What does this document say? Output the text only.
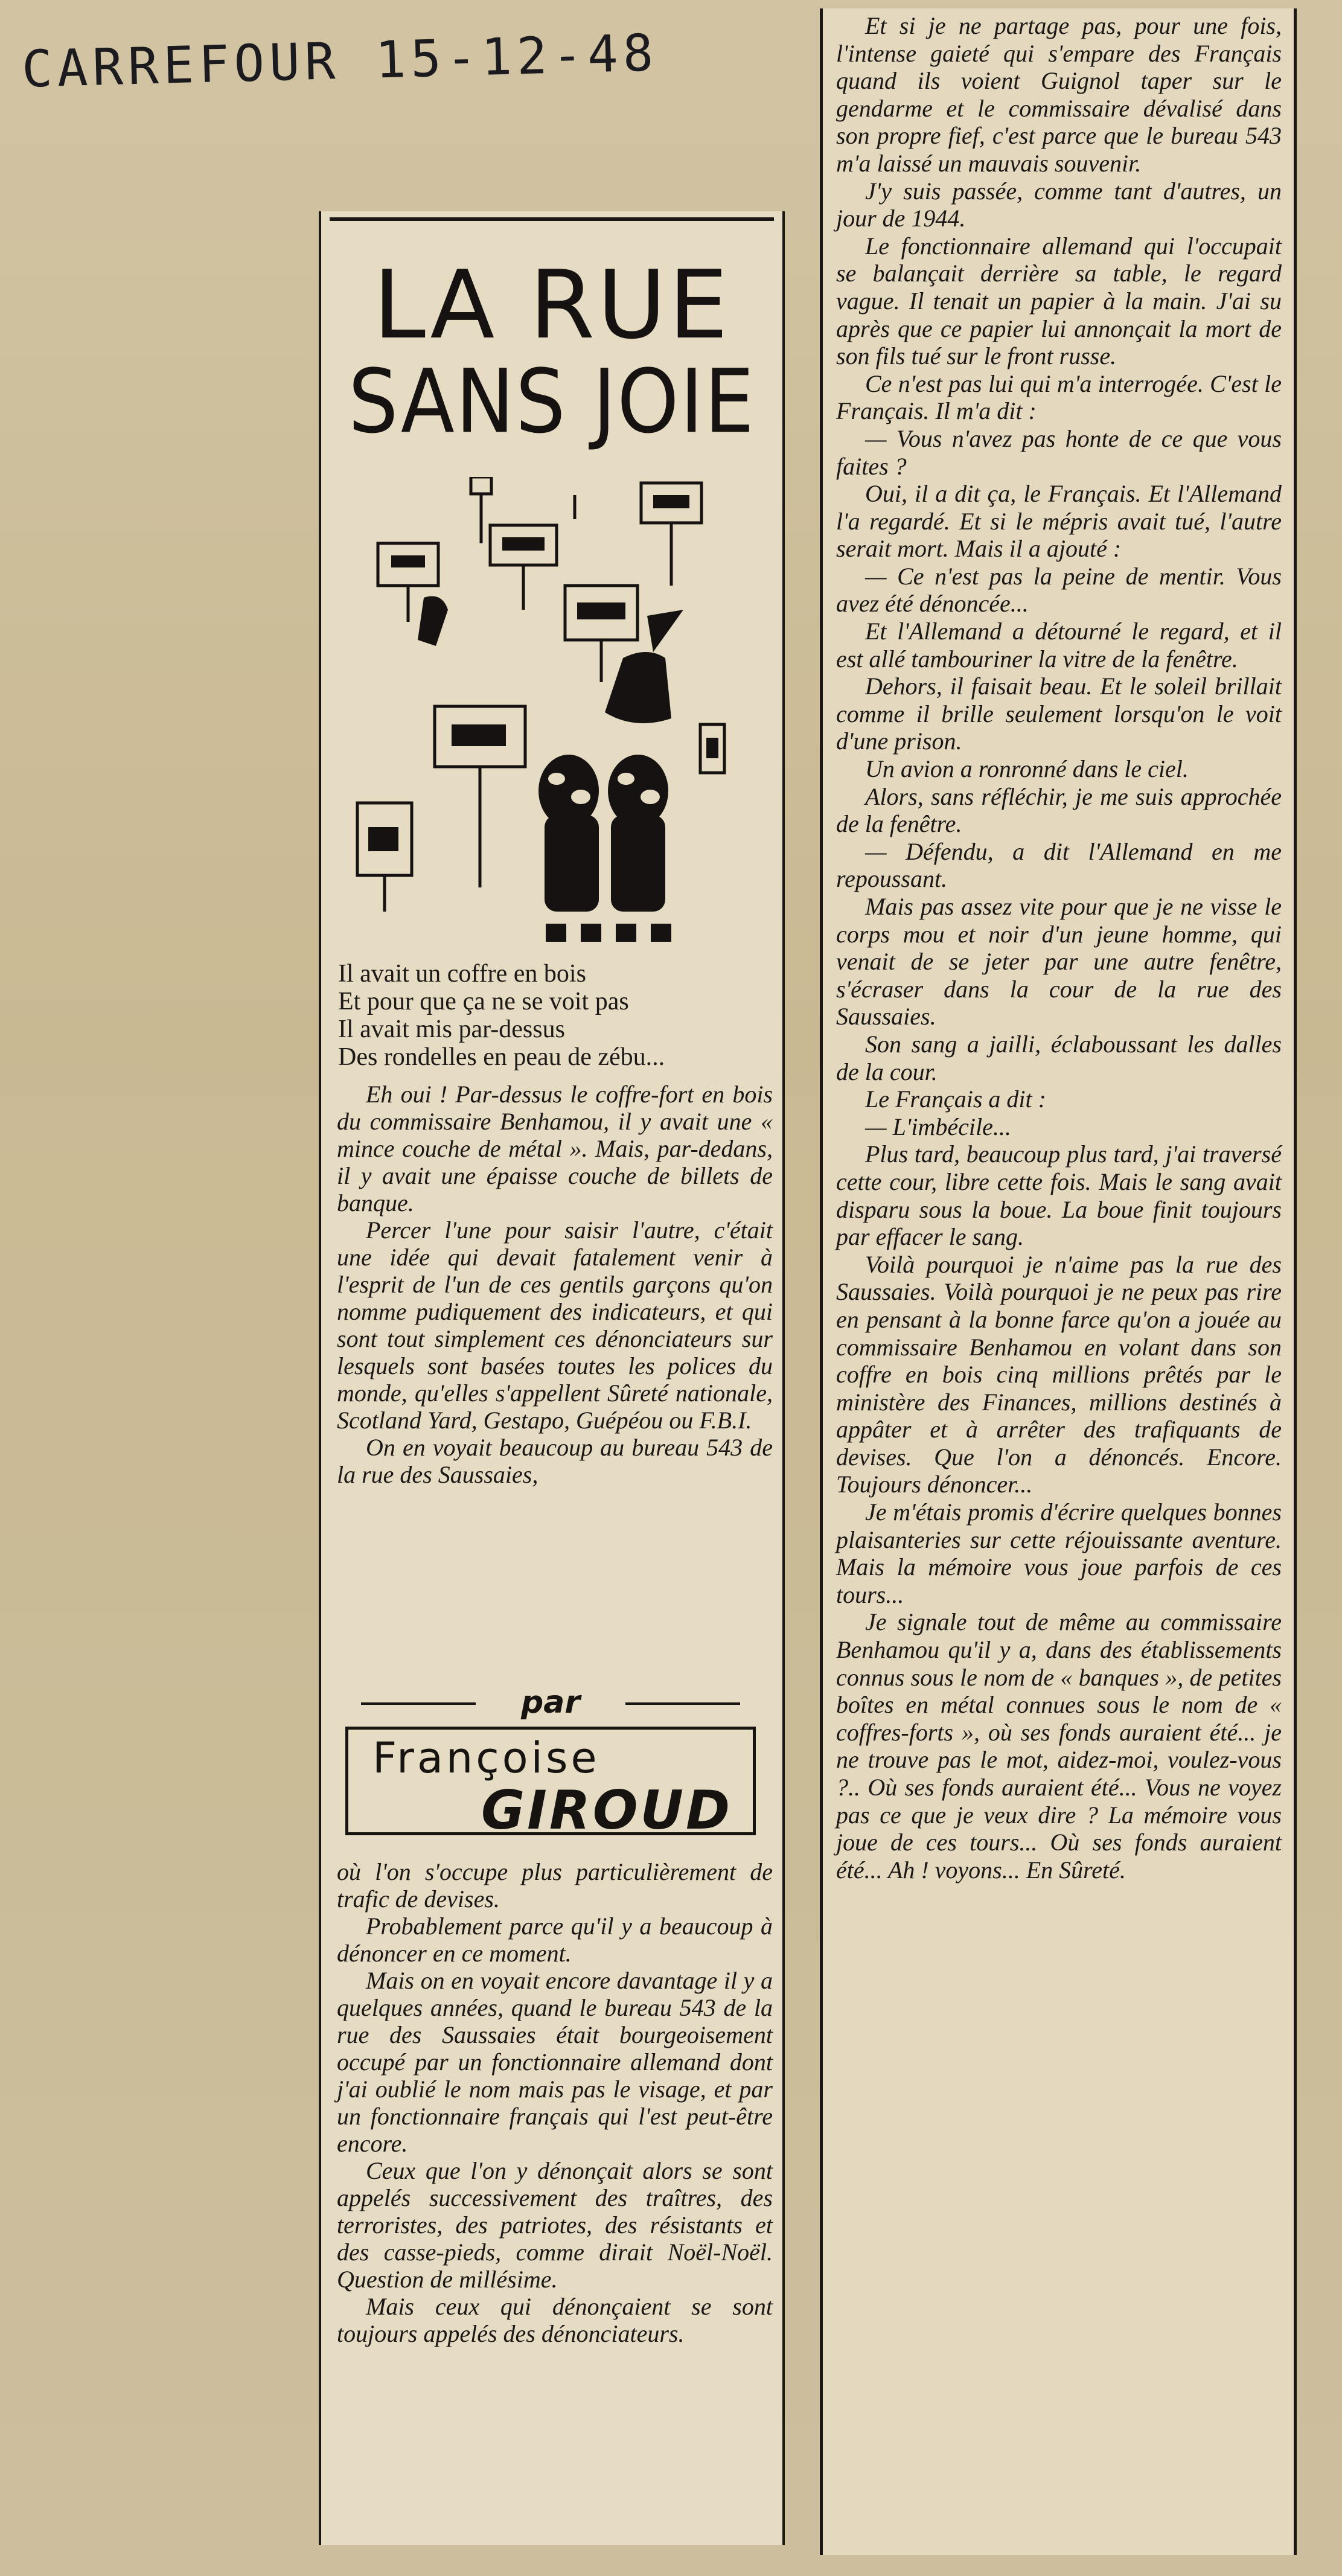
CARREFOUR 15-12-48
LA RUE
SANS JOIE
Il avait un coffre en bois
Et pour que ça ne se voit pas
Il avait mis par-dessus
Des rondelles en peau de zébu...

Eh oui ! Par-dessus le coffre-fort en bois du commissaire Benhamou, il y avait une « mince couche de métal ». Mais, par-dedans, il y avait une épaisse couche de billets de banque.

Percer l'une pour saisir l'autre, c'était une idée qui devait fatalement venir à l'esprit de l'un de ces gentils garçons qu'on nomme pudiquement des indicateurs, et qui sont tout simplement ces dénonciateurs sur lesquels sont basées toutes les polices du monde, qu'elles s'appellent Sûreté nationale, Scotland Yard, Gestapo, Guépéou ou F.B.I.

On en voyait beaucoup au bureau 543 de la rue des Saussaies,

par
Françoise
GIROUD

où l'on s'occupe plus particulièrement de trafic de devises.

Probablement parce qu'il y a beaucoup à dénoncer en ce moment.

Mais on en voyait encore davantage il y a quelques années, quand le bureau 543 de la rue des Saussaies était bourgeoisement occupé par un fonctionnaire allemand dont j'ai oublié le nom mais pas le visage, et par un fonctionnaire français qui l'est peut-être encore.

Ceux que l'on y dénonçait alors se sont appelés successivement des traîtres, des terroristes, des patriotes, des résistants et des casse-pieds, comme dirait Noël-Noël. Question de millésime.

Mais ceux qui dénonçaient se sont toujours appelés des dénonciateurs.

Et si je ne partage pas, pour une fois, l'intense gaieté qui s'empare des Français quand ils voient Guignol taper sur le gendarme et le commissaire dévalisé dans son propre fief, c'est parce que le bureau 543 m'a laissé un mauvais souvenir.

J'y suis passée, comme tant d'autres, un jour de 1944.

Le fonctionnaire allemand qui l'occupait se balançait derrière sa table, le regard vague. Il tenait un papier à la main. J'ai su après que ce papier lui annonçait la mort de son fils tué sur le front russe.

Ce n'est pas lui qui m'a interrogée. C'est le Français. Il m'a dit :

— Vous n'avez pas honte de ce que vous faites ?

Oui, il a dit ça, le Français. Et l'Allemand l'a regardé. Et si le mépris avait tué, l'autre serait mort. Mais il a ajouté :

— Ce n'est pas la peine de mentir. Vous avez été dénoncée...

Et l'Allemand a détourné le regard, et il est allé tambouriner la vitre de la fenêtre.

Dehors, il faisait beau. Et le soleil brillait comme il brille seulement lorsqu'on le voit d'une prison.

Un avion a ronronné dans le ciel.

Alors, sans réfléchir, je me suis approchée de la fenêtre.

— Défendu, a dit l'Allemand en me repoussant.

Mais pas assez vite pour que je ne visse le corps mou et noir d'un jeune homme, qui venait de se jeter par une autre fenêtre, s'écraser dans la cour de la rue des Saussaies.

Son sang a jailli, éclaboussant les dalles de la cour.

Le Français a dit :

— L'imbécile...

Plus tard, beaucoup plus tard, j'ai traversé cette cour, libre cette fois. Mais le sang avait disparu sous la boue. La boue finit toujours par effacer le sang.

Voilà pourquoi je n'aime pas la rue des Saussaies. Voilà pourquoi je ne peux pas rire en pensant à la bonne farce qu'on a jouée au commissaire Benhamou en volant dans son coffre en bois cinq millions prêtés par le ministère des Finances, millions destinés à appâter et à arrêter des trafiquants de devises. Que l'on a dénoncés. Encore. Toujours dénoncer...

Je m'étais promis d'écrire quelques bonnes plaisanteries sur cette réjouissante aventure. Mais la mémoire vous joue parfois de ces tours...

Je signale tout de même au commissaire Benhamou qu'il y a, dans des établissements connus sous le nom de « banques », de petites boîtes en métal connues sous le nom de « coffres-forts », où ses fonds auraient été... je ne trouve pas le mot, aidez-moi, voulez-vous ?.. Où ses fonds auraient été... Vous ne voyez pas ce que je veux dire ? La mémoire vous joue de ces tours... Où ses fonds auraient été... Ah ! voyons... En Sûreté.
